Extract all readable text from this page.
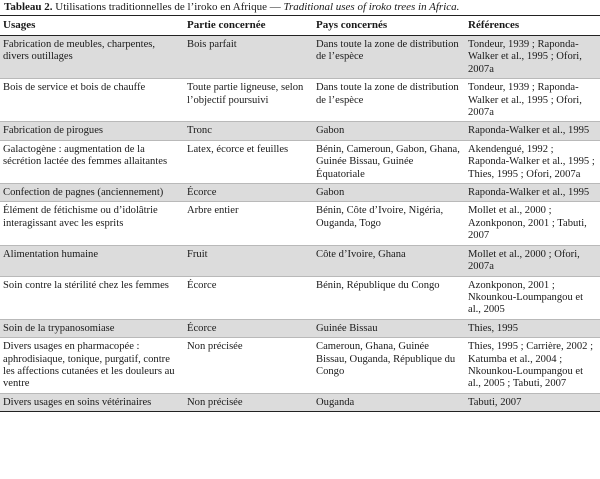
Tableau 2. Utilisations traditionnelles de l’iroko en Afrique — Traditional uses of iroko trees in Africa.
Usages	Partie concernée	Pays concernés	Références
Fabrication de meubles, charpentes, divers outillages	Bois parfait	Dans toute la zone de distribution de l’espèce	Tondeur, 1939 ; Raponda-Walker et al., 1995 ; Ofori, 2007a
Bois de service et bois de chauffe	Toute partie ligneuse, selon l’objectif poursuivi	Dans toute la zone de distribution de l’espèce	Tondeur, 1939 ; Raponda-Walker et al., 1995 ; Ofori, 2007a
Fabrication de pirogues	Tronc	Gabon	Raponda-Walker et al., 1995
Galactogène : augmentation de la sécrétion lactée des femmes allaitantes	Latex, écorce et feuilles	Bénin, Cameroun, Gabon, Ghana, Guinée Bissau, Guinée Équatoriale	Akendengué, 1992 ; Raponda-Walker et al., 1995 ; Thies, 1995 ; Ofori, 2007a
Confection de pagnes (anciennement)	Écorce	Gabon	Raponda-Walker et al., 1995
Élément de fétichisme ou d’idolâtrie interagissant avec les esprits	Arbre entier	Bénin, Côte d’Ivoire, Nigéria, Ouganda, Togo	Mollet et al., 2000 ; Azonkponon, 2001 ; Tabuti, 2007
Alimentation humaine	Fruit	Côte d’Ivoire, Ghana	Mollet et al., 2000 ; Ofori, 2007a
Soin contre la stérilité chez les femmes	Écorce	Bénin, République du Congo	Azonkponon, 2001 ; Nkounkou-Loumpangou et al., 2005
Soin de la trypanosomiase	Écorce	Guinée Bissau	Thies, 1995
Divers usages en pharmacopée : aphrodisiaque, tonique, purgatif, contre les affections cutanées et les douleurs au ventre	Non précisée	Cameroun, Ghana, Guinée Bissau, Ouganda, République du Congo	Thies, 1995 ; Carrière, 2002 ; Katumba et al., 2004 ; Nkounkou-Loumpangou et al., 2005 ; Tabuti, 2007
Divers usages en soins vétérinaires	Non précisée	Ouganda	Tabuti, 2007
